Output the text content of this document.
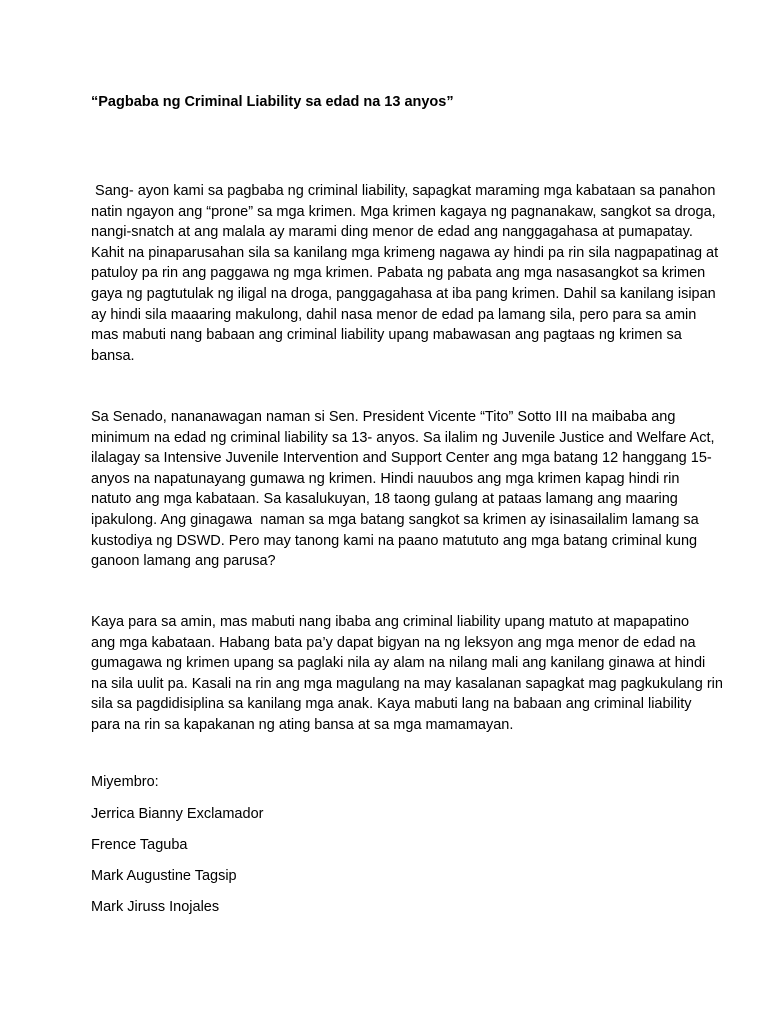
“Pagbaba ng Criminal Liability sa edad na 13 anyos”

Sang- ayon kami sa pagbaba ng criminal liability, sapagkat maraming mga kabataan sa panahon
natin ngayon ang “prone” sa mga krimen. Mga krimen kagaya ng pagnanakaw, sangkot sa droga,
nangi-snatch at ang malala ay marami ding menor de edad ang nanggagahasa at pumapatay.
Kahit na pinaparusahan sila sa kanilang mga krimeng nagawa ay hindi pa rin sila nagpapatinag at
patuloy pa rin ang paggawa ng mga krimen. Pabata ng pabata ang mga nasasangkot sa krimen
gaya ng pagtutulak ng iligal na droga, panggagahasa at iba pang krimen. Dahil sa kanilang isipan
ay hindi sila maaaring makulong, dahil nasa menor de edad pa lamang sila, pero para sa amin
mas mabuti nang babaan ang criminal liability upang mabawasan ang pagtaas ng krimen sa
bansa.

Sa Senado, nananawagan naman si Sen. President Vicente “Tito” Sotto III na maibaba ang
minimum na edad ng criminal liability sa 13- anyos. Sa ilalim ng Juvenile Justice and Welfare Act,
ilalagay sa Intensive Juvenile Intervention and Support Center ang mga batang 12 hanggang 15-
anyos na napatunayang gumawa ng krimen. Hindi nauubos ang mga krimen kapag hindi rin
natuto ang mga kabataan. Sa kasalukuyan, 18 taong gulang at pataas lamang ang maaring
ipakulong. Ang ginagawa  naman sa mga batang sangkot sa krimen ay isinasailalim lamang sa
kustodiya ng DSWD. Pero may tanong kami na paano matututo ang mga batang criminal kung
ganoon lamang ang parusa?

Kaya para sa amin, mas mabuti nang ibaba ang criminal liability upang matuto at mapapatino
ang mga kabataan. Habang bata pa’y dapat bigyan na ng leksyon ang mga menor de edad na
gumagawa ng krimen upang sa paglaki nila ay alam na nilang mali ang kanilang ginawa at hindi
na sila uulit pa. Kasali na rin ang mga magulang na may kasalanan sapagkat mag pagkukulang rin
sila sa pagdidisiplina sa kanilang mga anak. Kaya mabuti lang na babaan ang criminal liability
para na rin sa kapakanan ng ating bansa at sa mga mamamayan.

Miyembro:
Jerrica Bianny Exclamador
Frence Taguba
Mark Augustine Tagsip
Mark Jiruss Inojales
